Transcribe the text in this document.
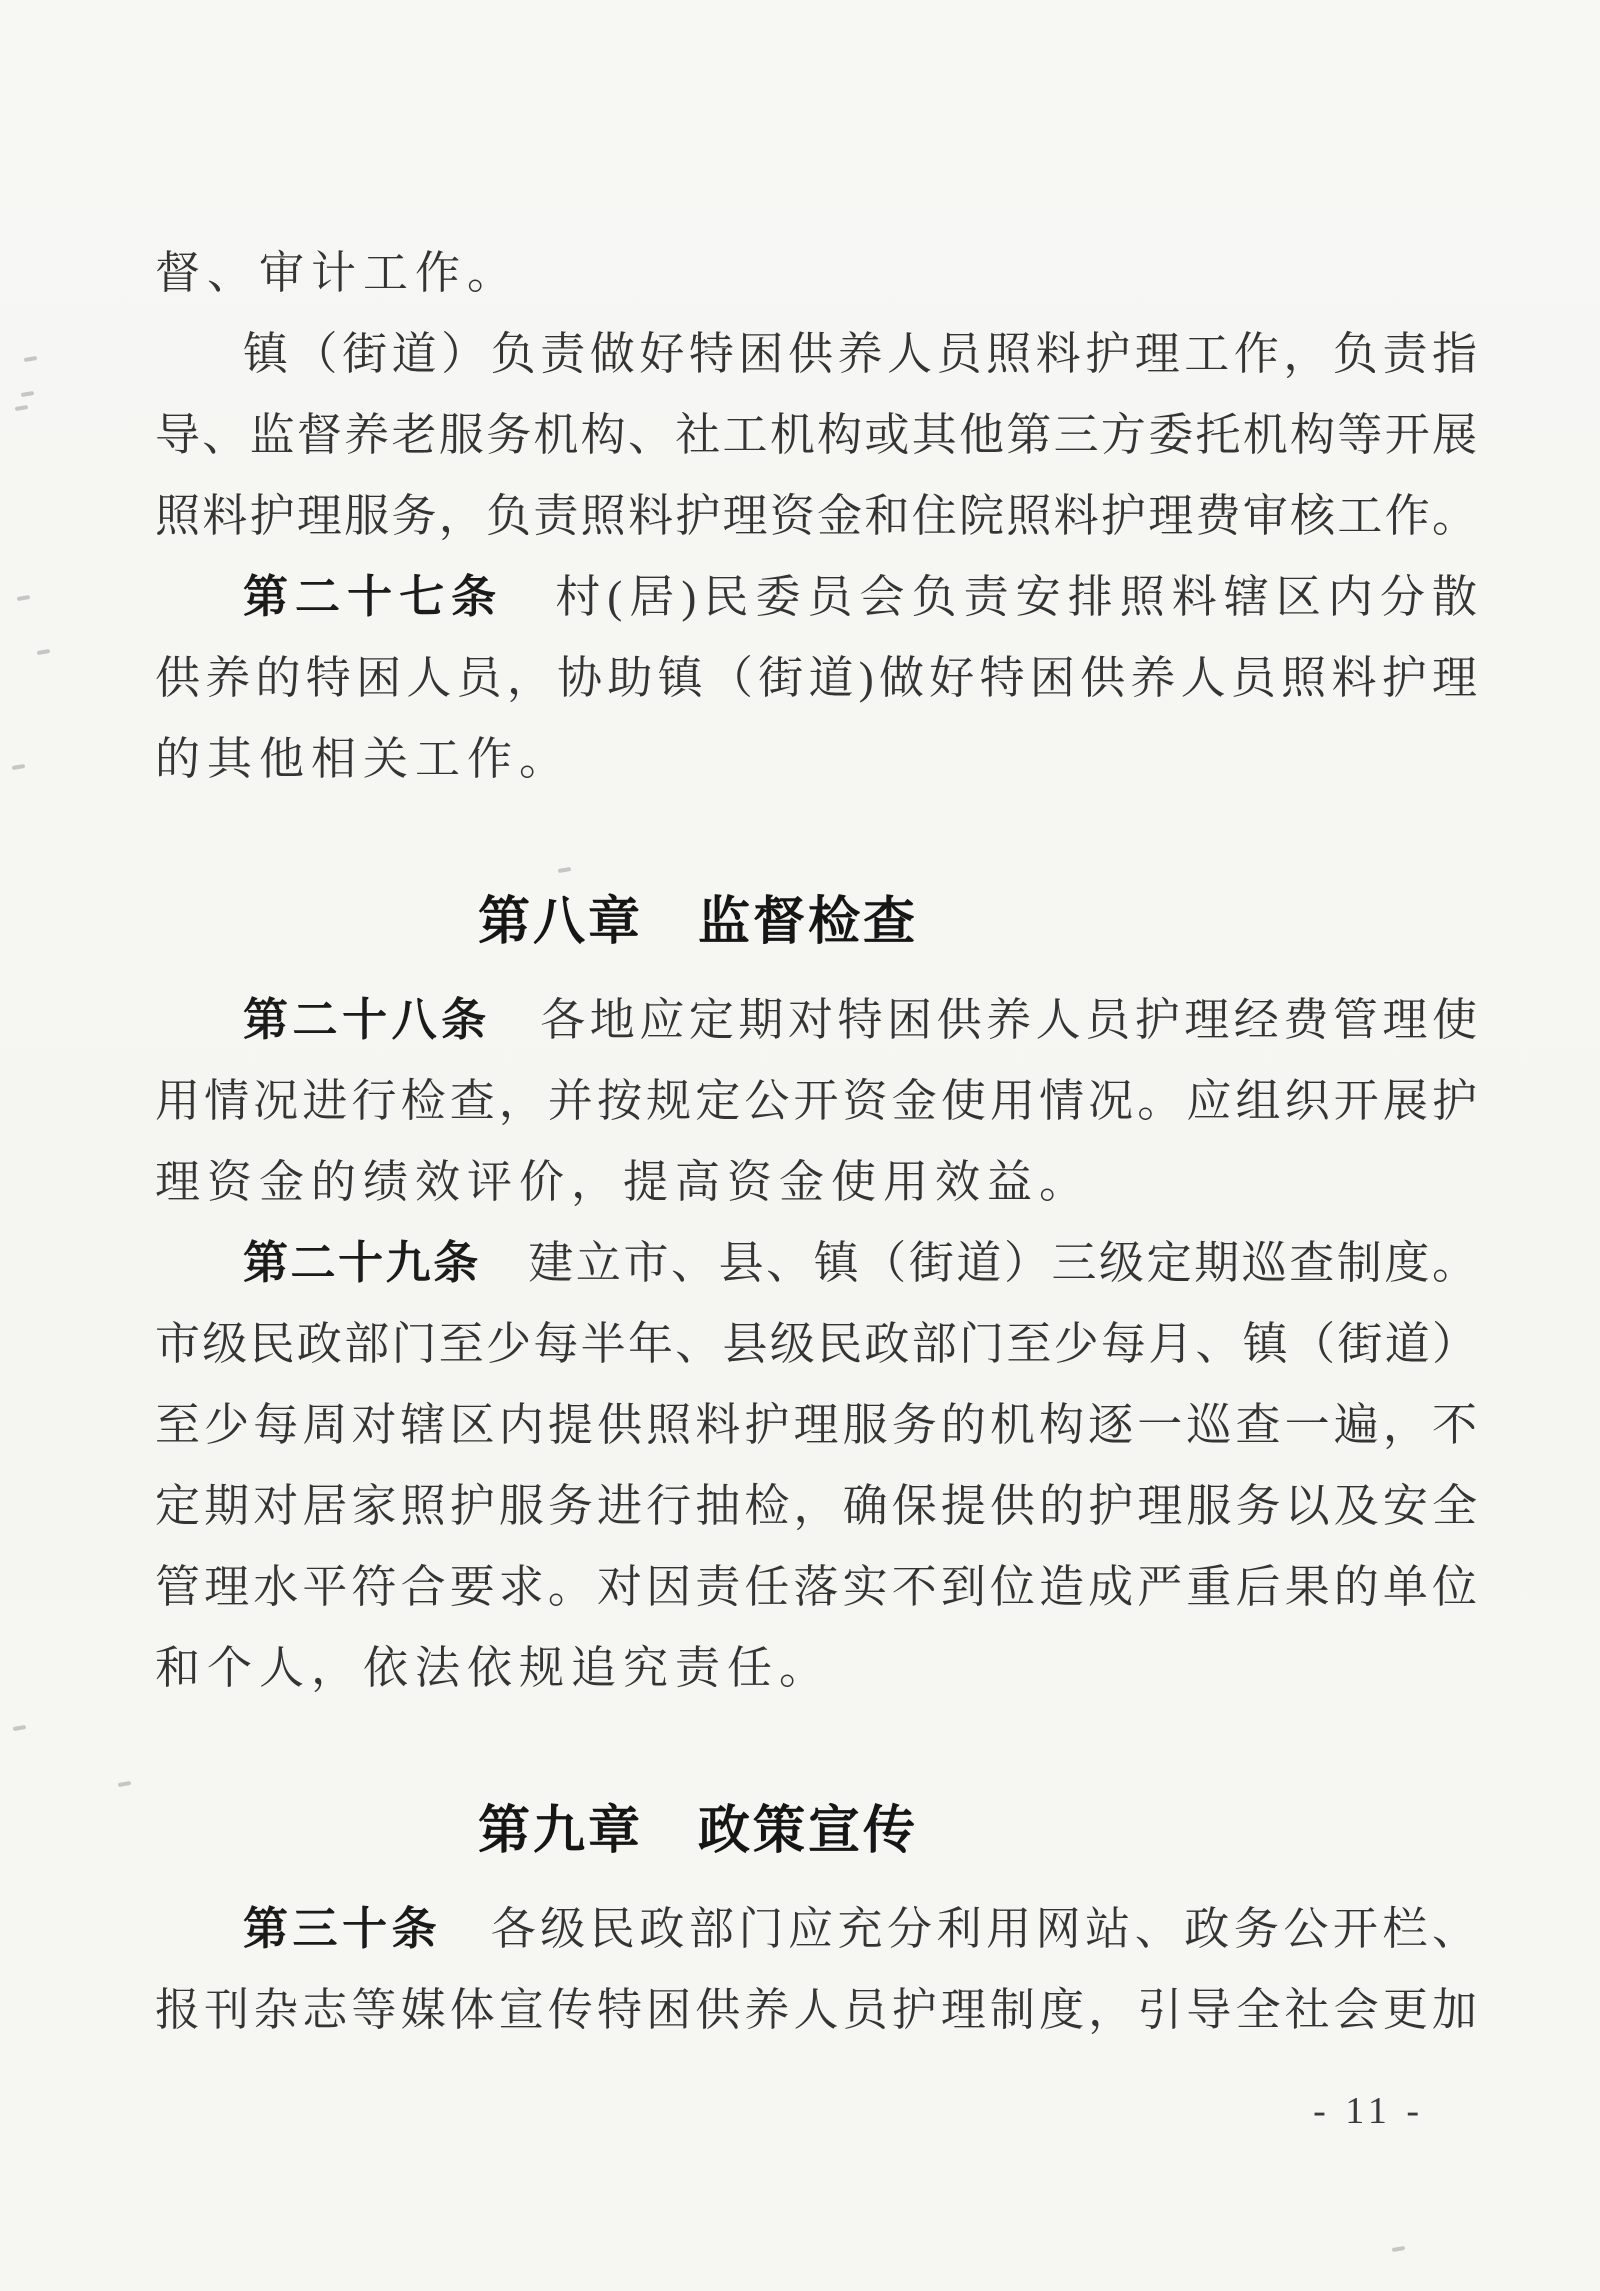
督、审计工作。
镇（街道）负责做好特困供养人员照料护理工作，负责指
导、监督养老服务机构、社工机构或其他第三方委托机构等开展
照料护理服务，负责照料护理资金和住院照料护理费审核工作。
第二十七条　村(居)民委员会负责安排照料辖区内分散
供养的特困人员，协助镇（街道)做好特困供养人员照料护理
的其他相关工作。
第八章　监督检查
第二十八条　各地应定期对特困供养人员护理经费管理使
用情况进行检查，并按规定公开资金使用情况。应组织开展护
理资金的绩效评价，提高资金使用效益。
第二十九条　建立市、县、镇（街道）三级定期巡查制度。
市级民政部门至少每半年、县级民政部门至少每月、镇（街道）
至少每周对辖区内提供照料护理服务的机构逐一巡查一遍，不
定期对居家照护服务进行抽检，确保提供的护理服务以及安全
管理水平符合要求。对因责任落实不到位造成严重后果的单位
和个人，依法依规追究责任。
第九章　政策宣传
第三十条　各级民政部门应充分利用网站、政务公开栏、
报刊杂志等媒体宣传特困供养人员护理制度，引导全社会更加
- 11 -
